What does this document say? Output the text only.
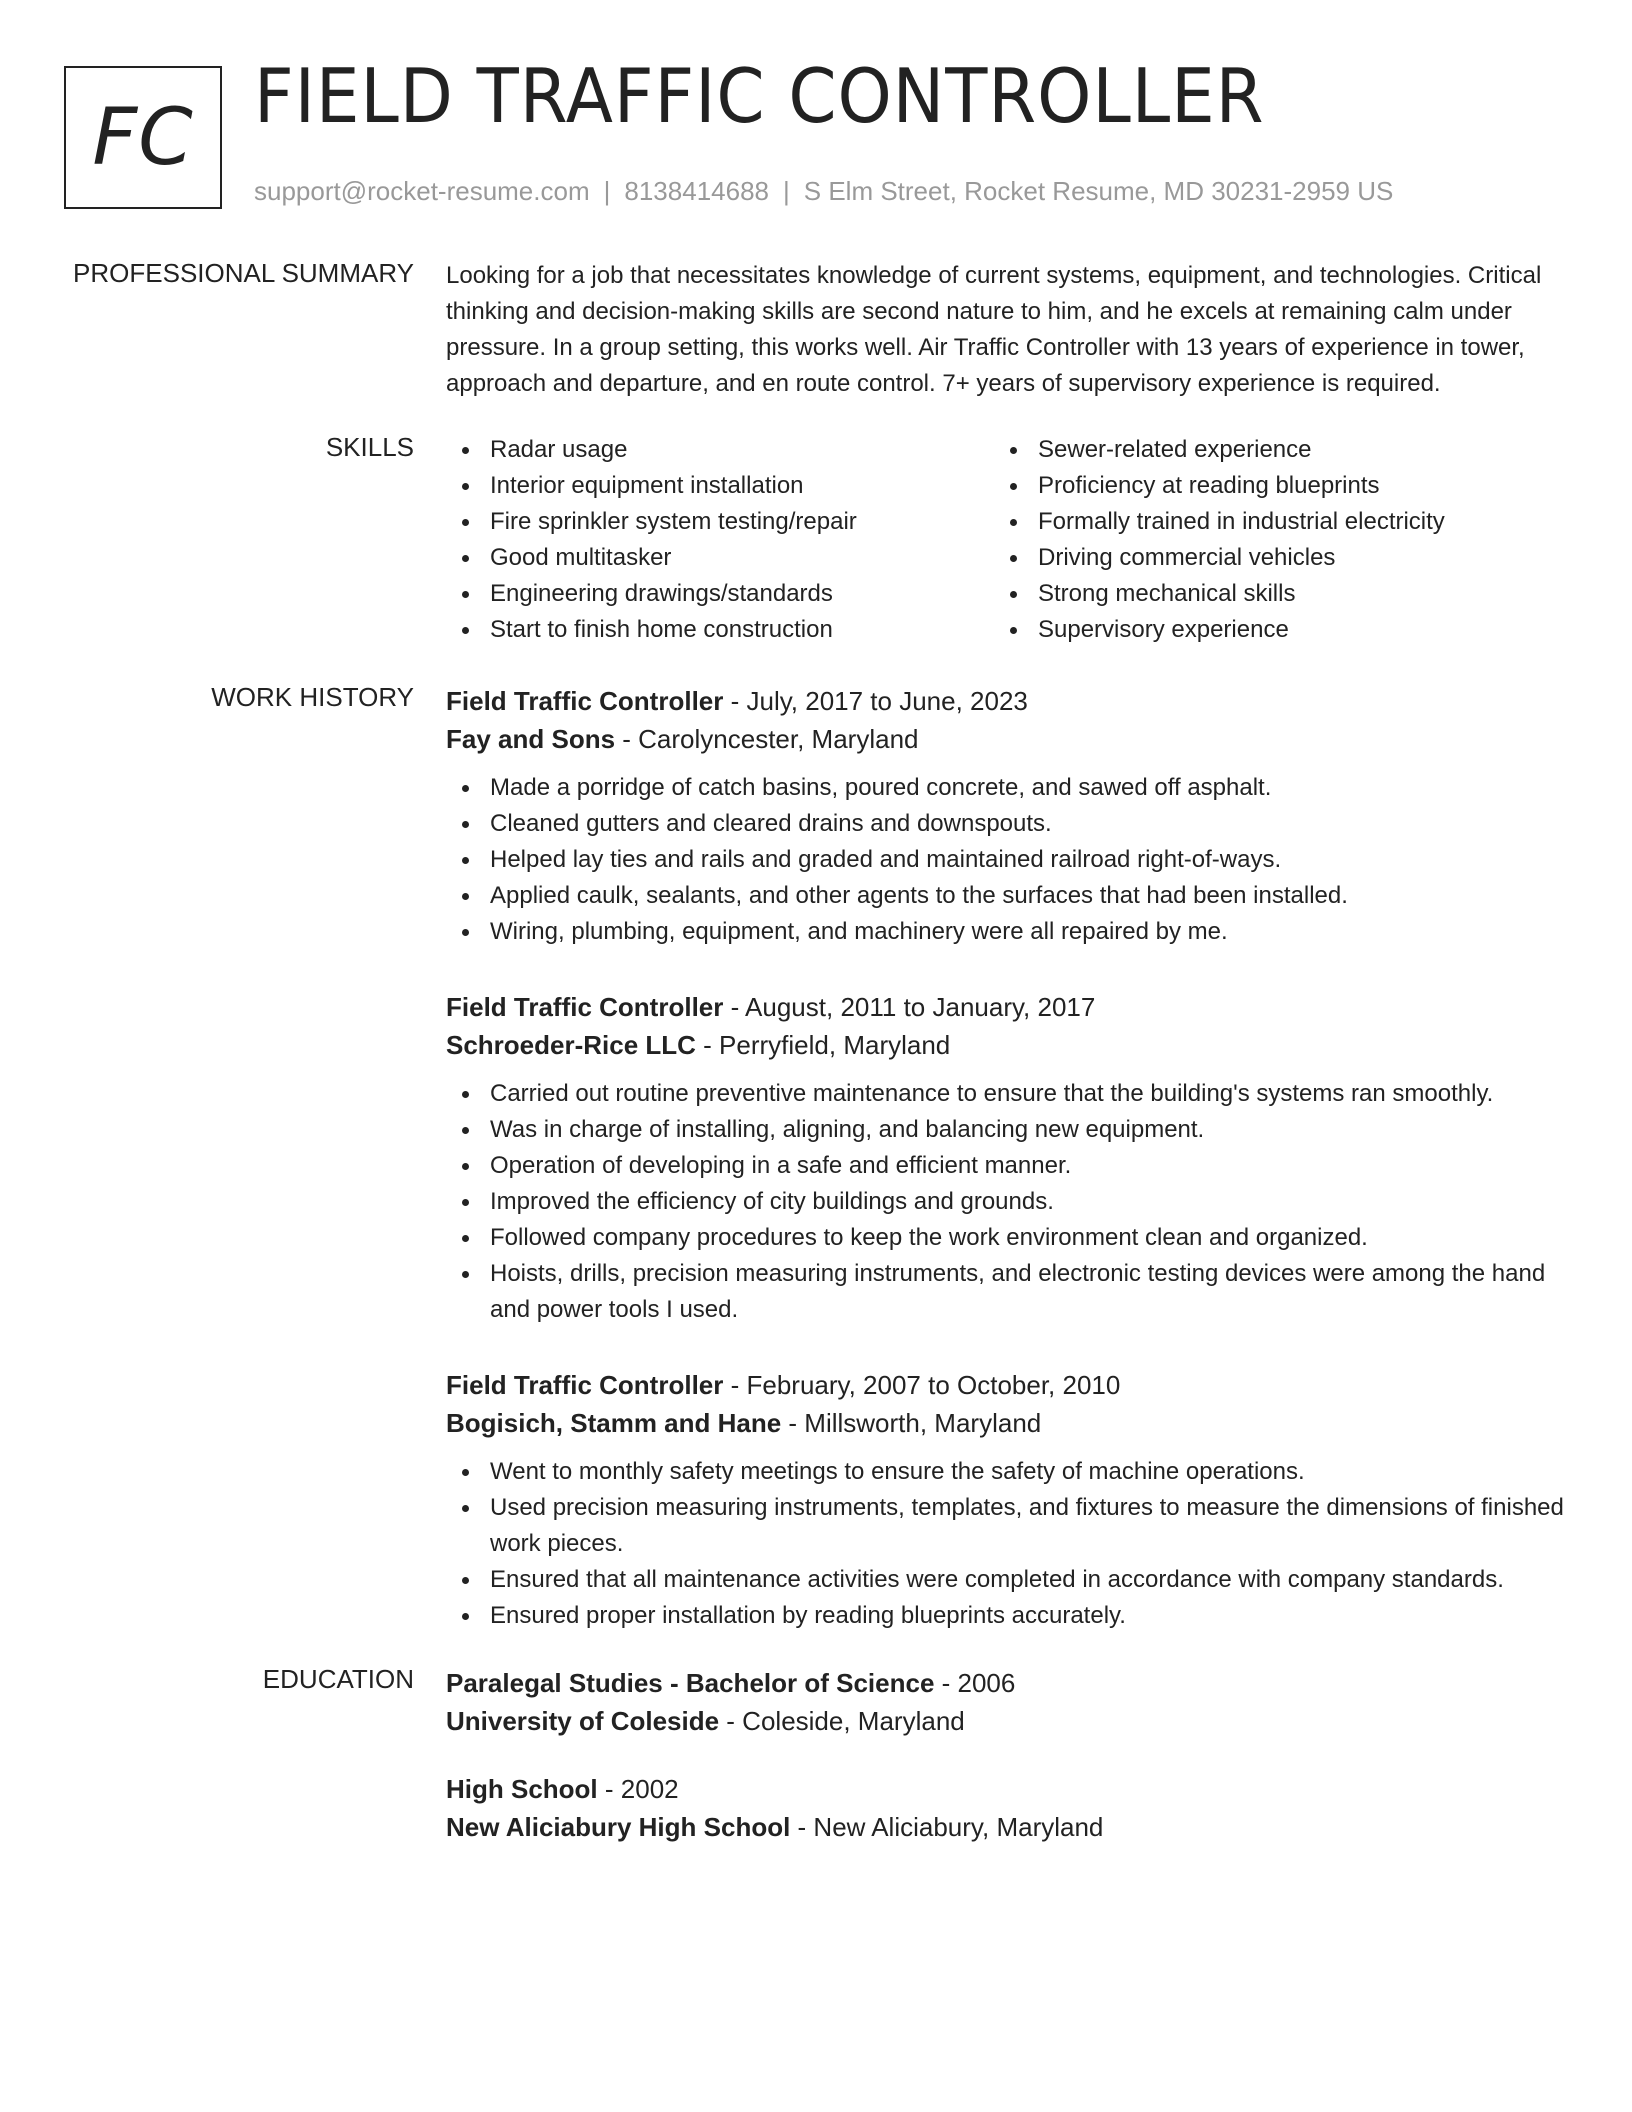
FC FIELD TRAFFIC CONTROLLER
support@rocket-resume.com | 8138414688 | S Elm Street, Rocket Resume, MD 30231-2959 US
PROFESSIONAL SUMMARY Looking for a job that necessitates knowledge of current systems, equipment, and technologies. Critical thinking and decision-making skills are second nature to him, and he excels at remaining calm under pressure. In a group setting, this works well. Air Traffic Controller with 13 years of experience in tower, approach and departure, and en route control. 7+ years of supervisory experience is required.
SKILLS	Radar usage
Interior equipment installation
Fire sprinkler system testing/repair
Good multitasker
Engineering drawings/standards
Start to finish home construction
Sewer-related experience
Proficiency at reading blueprints
Formally trained in industrial electricity
Driving commercial vehicles
Strong mechanical skills
Supervisory experience
WORK HISTORY Field Traffic Controller - July, 2017 to June, 2023
Fay and Sons - Carolyncester, Maryland
Made a porridge of catch basins, poured concrete, and sawed off asphalt.
Cleaned gutters and cleared drains and downspouts.
Helped lay ties and rails and graded and maintained railroad right-of-ways.
Applied caulk, sealants, and other agents to the surfaces that had been installed.
Wiring, plumbing, equipment, and machinery were all repaired by me.
Field Traffic Controller - August, 2011 to January, 2017
Schroeder-Rice LLC - Perryfield, Maryland
Carried out routine preventive maintenance to ensure that the building's systems ran smoothly.
Was in charge of installing, aligning, and balancing new equipment.
Operation of developing in a safe and efficient manner.
Improved the efficiency of city buildings and grounds.
Followed company procedures to keep the work environment clean and organized.
Hoists, drills, precision measuring instruments, and electronic testing devices were among the hand and power tools I used.
Field Traffic Controller - February, 2007 to October, 2010
Bogisich, Stamm and Hane - Millsworth, Maryland
Went to monthly safety meetings to ensure the safety of machine operations.
Used precision measuring instruments, templates, and fixtures to measure the dimensions of finished work pieces.
Ensured that all maintenance activities were completed in accordance with company standards.
Ensured proper installation by reading blueprints accurately.
EDUCATION Paralegal Studies - Bachelor of Science - 2006
University of Coleside - Coleside, Maryland
High School - 2002
New Aliciabury High School - New Aliciabury, Maryland
